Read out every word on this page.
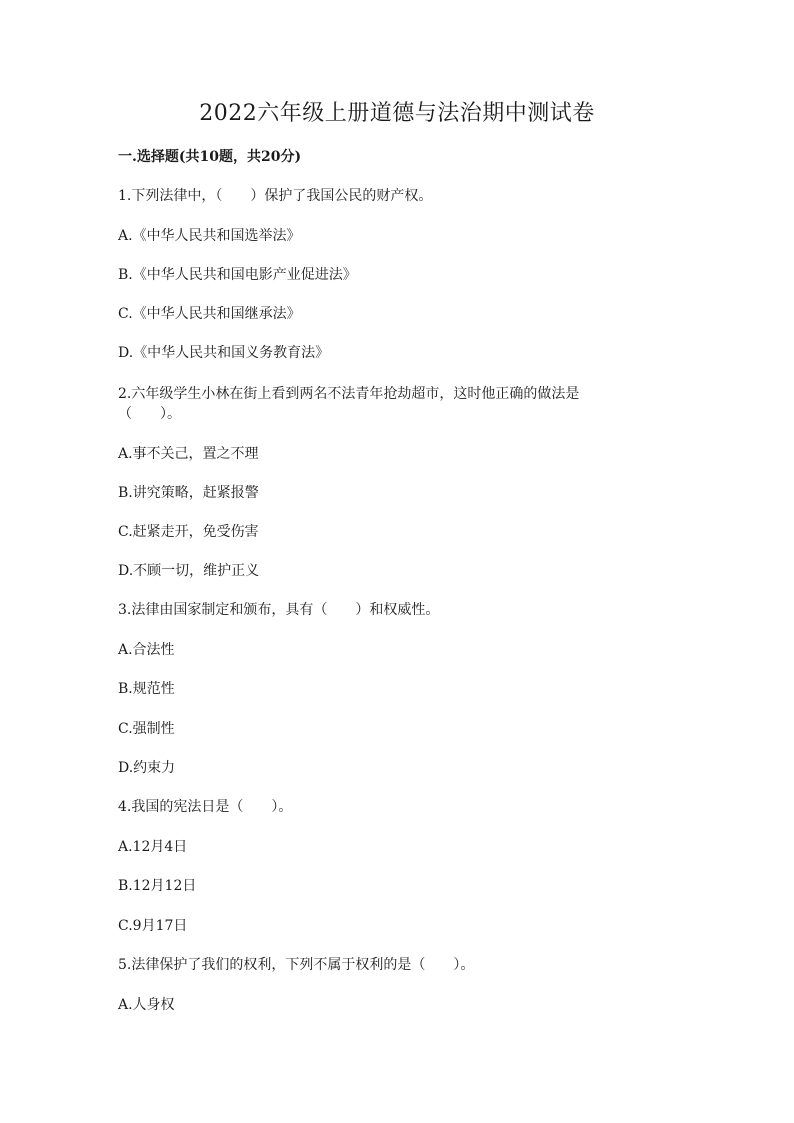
2022六年级上册道德与法治期中测试卷
一.选择题(共10题，共20分)
1.下列法律中，（　　）保护了我国公民的财产权。
A.《中华人民共和国选举法》
B.《中华人民共和国电影产业促进法》
C.《中华人民共和国继承法》
D.《中华人民共和国义务教育法》
2.六年级学生小林在街上看到两名不法青年抢劫超市，这时他正确的做法是
（　　）。
A.事不关己，置之不理
B.讲究策略，赶紧报警
C.赶紧走开，免受伤害
D.不顾一切，维护正义
3.法律由国家制定和颁布，具有（　　）和权威性。
A.合法性
B.规范性
C.强制性
D.约束力
4.我国的宪法日是（　　）。
A.12月4日
B.12月12日
C.9月17日
5.法律保护了我们的权利，下列不属于权利的是（　　）。
A.人身权
